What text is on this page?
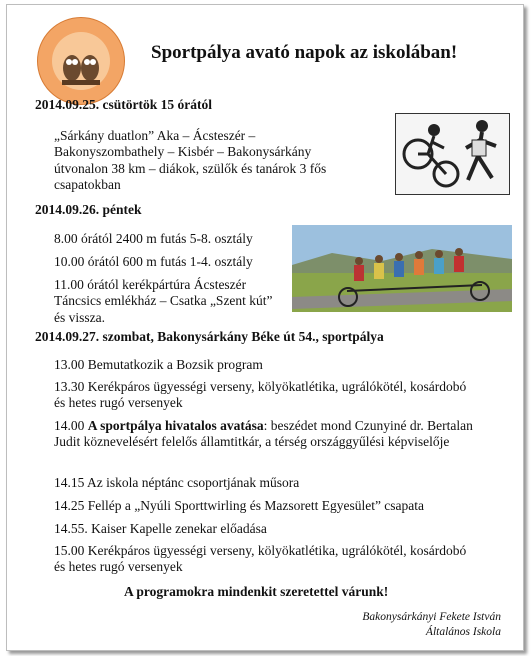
Sportpálya avató napok az iskolában!
2014.09.25. csütörtök 15 órától
„Sárkány duatlon” Aka – Ácsteszér – Bakonyszombathely – Kisbér – Bakonysárkány útvonalon 38 km – diákok, szülők és tanárok 3 fős csapatokban
2014.09.26. péntek
8.00 órától 2400 m futás 5-8. osztály
10.00 órától 600 m futás 1-4. osztály
11.00 órától kerékpártúra Ácsteszér Táncsics emlékház – Csatka „Szent kút” és vissza.
2014.09.27. szombat, Bakonysárkány Béke út 54., sportpálya
13.00 Bemutatkozik a Bozsik program
13.30 Kerékpáros ügyességi verseny, kölyökatlétika, ugrálókötél, kosárdobó és hetes rugó versenyek
14.00 A sportpálya hivatalos avatása: beszédet mond Czunyiné dr. Bertalan Judit köznevelésért felelős államtitkár, a térség országgyűlési képviselője
14.15 Az iskola néptánc csoportjának műsora
14.25 Fellép a „Nyúli Sporttwirling és Mazsorett Egyesület” csapata
14.55. Kaiser Kapelle zenekar előadása
15.00 Kerékpáros ügyességi verseny, kölyökatlétika, ugrálókötél, kosárdobó és hetes rugó versenyek
A programokra mindenkit szeretettel várunk!
Bakonysárkányi Fekete István
Általános Iskola
